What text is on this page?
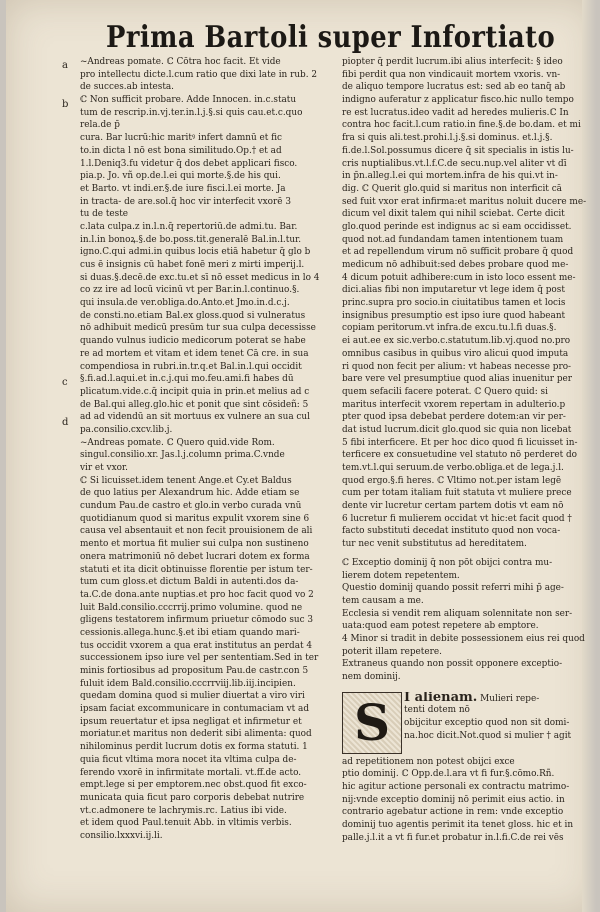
Prima Bartoli super Infortiato
a
b
c
d
~Andreas pomate. ℂ Cōtra hoc facit. Et vide
pro intellectu dicte.l.cum ratio que dixi late in rub. 2
de succes.ab intesta.
ℂ Non sufficit probare. Adde Innocen. in.c.statu
tum de rescrip.in.vj.ter.in.l.j.§.si quis cau.et.c.quo
rela.de p̄
cura. Bar lucrū:hic maritꝰ infert damnū et fic
to.in dicta l nō est bona similitudo.Op.† et ad
1.l.Deniq3.fu videtur q̄ dos debet applicari fisco.
pia.p. Jo. vñ op.de.l.ei qui morte.§.de his qui.
et Barto. vt indi.er.§.de iure fisci.l.ei morte. Ja
in tracta- de are.sol.q̄ hoc vir interfecit vxorē 3
tu de teste
c.lata culpa.z in.l.n.q̄ repertoriū.de admi.tu. Bar.
in.l.in bonoꝝ.§.de bo.poss.tit.generalē Bal.in.l.tur.
igno.C.qui admi.in quibus locis etiā habetur q̄ glo b
cus ē insignis cū habet fonē meri z mirti imperij.l.
si duas.§.decē.de exc.tu.et sī nō esset medicus in lo 4
co zz ire ad locū vicinū vt per Bar.in.l.continuo.§.
qui insula.de ver.obliga.do.Anto.et Jmo.in.d.c.j.
de consti.no.etiam Bal.ex gloss.quod si vulneratus
nō adhibuit medicū presūm tur sua culpa decessisse
quando vulnus iudicio medicorum poterat se habe
re ad mortem et vitam et idem tenet Cā cre. in sua
compendiosa in rubri.in.tr.q.et Bal.in.l.qui occidit
§.fi.ad.l.aqui.et in.c.j.qui mo.feu.ami.fi habes dū
plicatum.vide.c.q̄ incipit quia in prin.et melius ad c
de Bal.qui alleg.glo.hic et ponit que sint cōsideñ: 5
ad ad videndū an sit mortuus ex vulnere an sua cul
pa.consilio.cxcv.lib.j.
~Andreas pomate. ℂ Quero quid.vide Rom.
singul.consilio.xr. Jas.l.j.column prima.C.vnde
vir et vxor.
ℂ Si licuisset.idem tenent Ange.et Cy.et Baldus
de quo latius per Alexandrum hic. Adde etiam se
cundum Pau.de castro et glo.in verbo curada vnū
quotidianum quod si maritus expulit vxorem sine 6
causa vel absentauit et non fecit prouisionem de ali
mento et mortua fit mulier sui culpa non sustineno
onera matrimoniū nō debet lucrari dotem ex forma
statuti et ita dicit obtinuisse florentie per istum ter-
tum cum gloss.et dictum Baldi in autenti.dos da-
ta.C.de dona.ante nuptias.et pro hoc facit quod vo 2
luit Bald.consilio.cccrrij.primo volumine. quod ne
gligens testatorem infirmum priuetur cōmodo suc 3
cessionis.allega.hunc.§.et ibi etiam quando mari-
tus occidit vxorem a qua erat institutus an perdat 4
successionem ipso iure vel per sententiam.Sed in ter
minis fortiosibus ad propositum Pau.de castr.con 5
fuluit idem Bald.consilio.cccrrviij.lib.iij.incipien.
quedam domina quod si mulier diuertat a viro viri
ipsam faciat excommunicare in contumaciam vt ad
ipsum reuertatur et ipsa negligat et infirmetur et
moriatur.et maritus non dederit sibi alimenta: quod
nihilominus perdit lucrum dotis ex forma statuti. 1
quia ficut vltima mora nocet ita vltima culpa de-
ferendo vxorē in infirmitate mortali. vt.ff.de acto.
empt.lege si per emptorem.nec obst.quod fit exco-
municata quia ficut paro corporis debebat nutrire
vt.c.admonere te lachrymis.rc. Latius ibi vide.
et idem quod Paul.tenuit Abb. in vltimis verbis.
consilio.lxxxvi.ij.li.
piopter q̄ perdit lucrum.ibi alius interfecit: § ideo
fibi perdit qua non vindicauit mortem vxoris. vn-
de aliquo tempore lucratus est: sed ab eo tanq̄ ab
indigno auferatur z applicatur fisco.hic nullo tempo
re est lucratus.ideo vadit ad heredes mulieris.ℂ In
contra hoc facit.l.cum ratio.in fine.§.de bo.dam. et mi
fra si quis ali.test.prohi.l.j.§.si dominus. et.l.j.§.
fi.de.l.Sol.possumus dicere q̄ sit specialis in istis lu-
cris nuptialibus.vt.l.f.C.de secu.nup.vel aliter vt dī
in p̄n.alleg.l.ei qui mortem.infra de his qui.vt in-
dig. ℂ Querit glo.quid si maritus non interficit cā
sed fuit vxor erat infirma:et maritus noluit ducere me-
dicum vel dixit talem qui nihil sciebat. Certe dicit
glo.quod perinde est indignus ac si eam occidisset.
quod not.ad fundandam tamen intentionem tuam
et ad repellendum virum nō sufficit probare q̄ quod
medicum nō adhibuit:sed debes probare quod me-
4 dicum potuit adhibere:cum in isto loco essent me-
dici.alias fibi non imputaretur vt lege idem q̄ post
princ.supra pro socio.in ciuitatibus tamen et locis
insignibus presumptio est ipso iure quod habeant
copiam peritorum.vt infra.de excu.tu.l.fi duas.§.
ei aut.ee ex sic.verbo.c.statutum.lib.vj.quod no.pro
omnibus casibus in quibus viro alicui quod imputa
ri quod non fecit per alium: vt habeas necesse pro-
bare vere vel presumptiue quod alias inuenitur per
quem sefacili facere poterat. ℂ Quero quid: si
maritus interfecit vxorem repertam in adulterio.p
pter quod ipsa debebat perdere dotem:an vir per-
dat istud lucrum.dicit glo.quod sic quia non licebat
5 fibi interficere. Et per hoc dico quod fi licuisset in-
terficere ex consuetudine vel statuto nō perderet do
tem.vt.l.qui seruum.de verbo.obliga.et de lega.j.l.
quod ergo.§.fi heres. ℂ Vltimo not.per istam legē
cum per totam italiam fuit statuta vt muliere prece
dente vir lucretur certam partem dotis vt eam nō
6 lucretur fi mulierem occidat vt hic:et facit quod †
facto substituti decedat instituto quod non voca-
tur nec venit substitutus ad hereditatem.
ℂ Exceptio dominij q̄ non pōt obijci contra mu-
lierem dotem repetentem.
Questio dominij quando possit referri mihi p̄ age-
tem causam a me.
Ecclesia si vendit rem aliquam solennitate non ser-
uata:quod eam potest repetere ab emptore.
4 Minor si tradit in debite possessionem eius rei quod
poterit illam repetere.
Extraneus quando non possit opponere exceptio-
nem dominij.
S I alienam. Mulieri repe-
tenti dotem nō
obijcitur exceptio quod non sit domi-
na.hoc dicit.Not.quod si mulier † agit
ad repetitionem non potest obijci exce
ptio dominij. ℂ Opp.de.l.ara vt fi fur.§.cōmo.Rñ.
hic agitur actione personali ex contractu matrimo-
nij:vnde exceptio dominij nō perimit eius actio. in
contrario agebatur actione in rem: vnde exceptio
dominij tuo agentis perimit ita tenet gloss. hic et in
palle.j.l.it a vt fi fur.et probatur in.l.fi.C.de rei vēs
